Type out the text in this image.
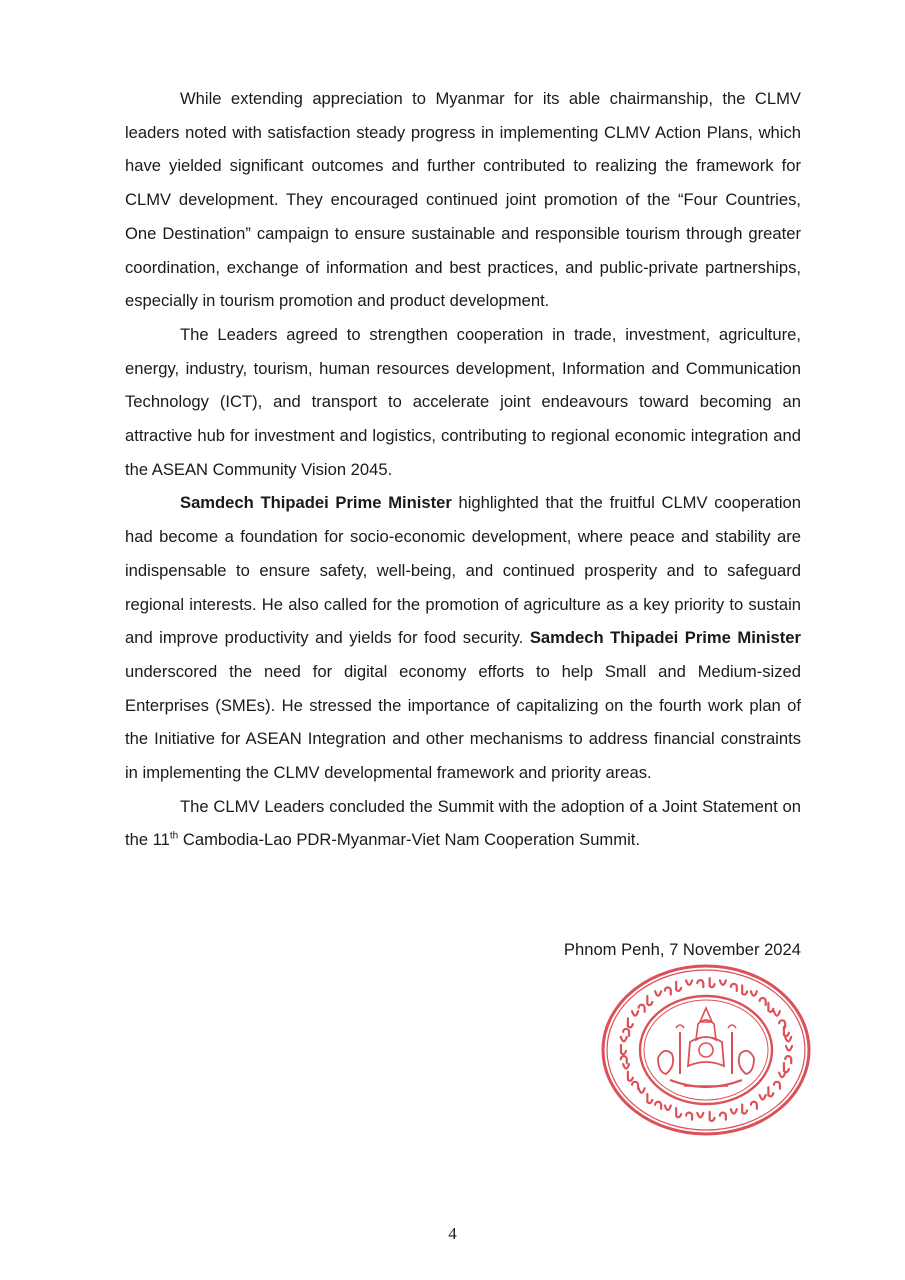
While extending appreciation to Myanmar for its able chairmanship, the CLMV leaders noted with satisfaction steady progress in implementing CLMV Action Plans, which have yielded significant outcomes and further contributed to realizing the framework for CLMV development. They encouraged continued joint promotion of the “Four Countries, One Destination” campaign to ensure sustainable and responsible tourism through greater coordination, exchange of information and best practices, and public-private partnerships, especially in tourism promotion and product development.

The Leaders agreed to strengthen cooperation in trade, investment, agriculture, energy, industry, tourism, human resources development, Information and Communication Technology (ICT), and transport to accelerate joint endeavours toward becoming an attractive hub for investment and logistics, contributing to regional economic integration and the ASEAN Community Vision 2045.

Samdech Thipadei Prime Minister highlighted that the fruitful CLMV cooperation had become a foundation for socio-economic development, where peace and stability are indispensable to ensure safety, well-being, and continued prosperity and to safeguard regional interests. He also called for the promotion of agriculture as a key priority to sustain and improve productivity and yields for food security. Samdech Thipadei Prime Minister underscored the need for digital economy efforts to help Small and Medium-sized Enterprises (SMEs). He stressed the importance of capitalizing on the fourth work plan of the Initiative for ASEAN Integration and other mechanisms to address financial constraints in implementing the CLMV developmental framework and priority areas.

The CLMV Leaders concluded the Summit with the adoption of a Joint Statement on the 11th Cambodia-Lao PDR-Myanmar-Viet Nam Cooperation Summit.

Phnom Penh, 7 November 2024

4
